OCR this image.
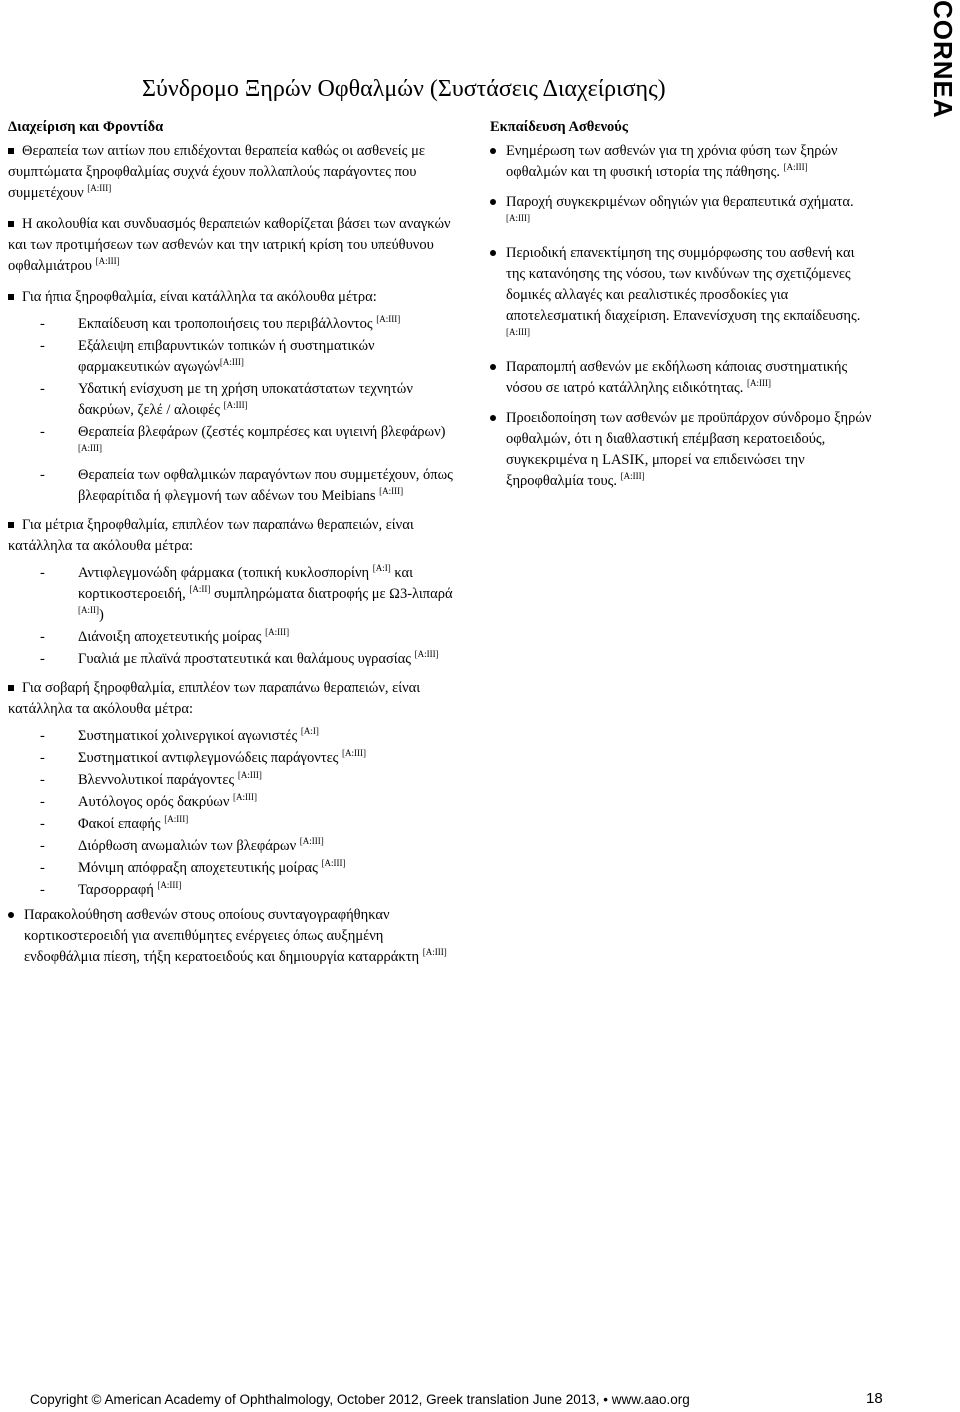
CORNEA
Σύνδρομο Ξηρών Οφθαλμών (Συστάσεις Διαχείρισης)
Διαχείριση και Φροντίδα
Θεραπεία των αιτίων που επιδέχονται θεραπεία καθώς οι ασθενείς με συμπτώματα ξηροφθαλμίας συχνά έχουν πολλαπλούς παράγοντες που συμμετέχουν [A:III]
Η ακολουθία και συνδυασμός θεραπειών καθορίζεται βάσει των αναγκών και των προτιμήσεων των ασθενών και την ιατρική κρίση του υπεύθυνου οφθαλμιάτρου [A:III]
Για ήπια ξηροφθαλμία, είναι κατάλληλα τα ακόλουθα μέτρα:
- Εκπαίδευση και τροποποιήσεις του περιβάλλοντος [A:III]
- Εξάλειψη επιβαρυντικών τοπικών ή συστηματικών φαρμακευτικών αγωγών[A:III]
- Υδατική ενίσχυση με τη χρήση υποκατάστατων τεχνητών δακρύων, ζελέ / αλοιφές [A:III]
- Θεραπεία βλεφάρων (ζεστές κομπρέσες και υγιεινή βλεφάρων) [A:III]
- Θεραπεία των οφθαλμικών παραγόντων που συμμετέχουν, όπως βλεφαρίτιδα ή φλεγμονή των αδένων του Meibians [A:III]
Για μέτρια ξηροφθαλμία, επιπλέον των παραπάνω θεραπειών, είναι κατάλληλα τα ακόλουθα μέτρα:
- Αντιφλεγμονώδη φάρμακα (τοπική κυκλοσπορίνη [A:I] και κορτικοστεροειδή, [A:II] συμπληρώματα διατροφής με Ω3-λιπαρά [A:II])
- Διάνοιξη αποχετευτικής μοίρας [A:III]
- Γυαλιά με πλαϊνά προστατευτικά και θαλάμους υγρασίας [A:III]
Για σοβαρή ξηροφθαλμία, επιπλέον των παραπάνω θεραπειών, είναι κατάλληλα τα ακόλουθα μέτρα:
- Συστηματικοί χολινεργικοί αγωνιστές [A:I]
- Συστηματικοί αντιφλεγμονώδεις παράγοντες [A:III]
- Βλεννολυτικοί παράγοντες [A:III]
- Αυτόλογος ορός δακρύων [A:III]
- Φακοί επαφής [A:III]
- Διόρθωση ανωμαλιών των βλεφάρων [A:III]
- Μόνιμη απόφραξη αποχετευτικής μοίρας [A:III]
- Ταρσορραφή [A:III]
Παρακολούθηση ασθενών στους οποίους συνταγογραφήθηκαν κορτικοστεροειδή για ανεπιθύμητες ενέργειες όπως αυξημένη ενδοφθάλμια πίεση, τήξη κερατοειδούς και δημιουργία καταρράκτη [A:III]
Εκπαίδευση Ασθενούς
Ενημέρωση των ασθενών για τη χρόνια φύση των ξηρών οφθαλμών και τη φυσική ιστορία της πάθησης. [A:III]
Παροχή συγκεκριμένων οδηγιών για θεραπευτικά σχήματα. [A:III]
Περιοδική επανεκτίμηση της συμμόρφωσης του ασθενή και της κατανόησης της νόσου, των κινδύνων της σχετιζόμενες δομικές αλλαγές και ρεαλιστικές προσδοκίες για αποτελεσματική διαχείριση. Επανενίσχυση της εκπαίδευσης. [A:III]
Παραπομπή ασθενών με εκδήλωση κάποιας συστηματικής νόσου σε ιατρό κατάλληλης ειδικότητας. [A:III]
Προειδοποίηση των ασθενών με προϋπάρχον σύνδρομο ξηρών οφθαλμών, ότι η διαθλαστική επέμβαση κερατοειδούς, συγκεκριμένα η LASIK, μπορεί να επιδεινώσει την ξηροφθαλμία τους. [A:III]
Copyright © American Academy of Ophthalmology, October 2012, Greek translation June 2013, • www.aao.org	18
